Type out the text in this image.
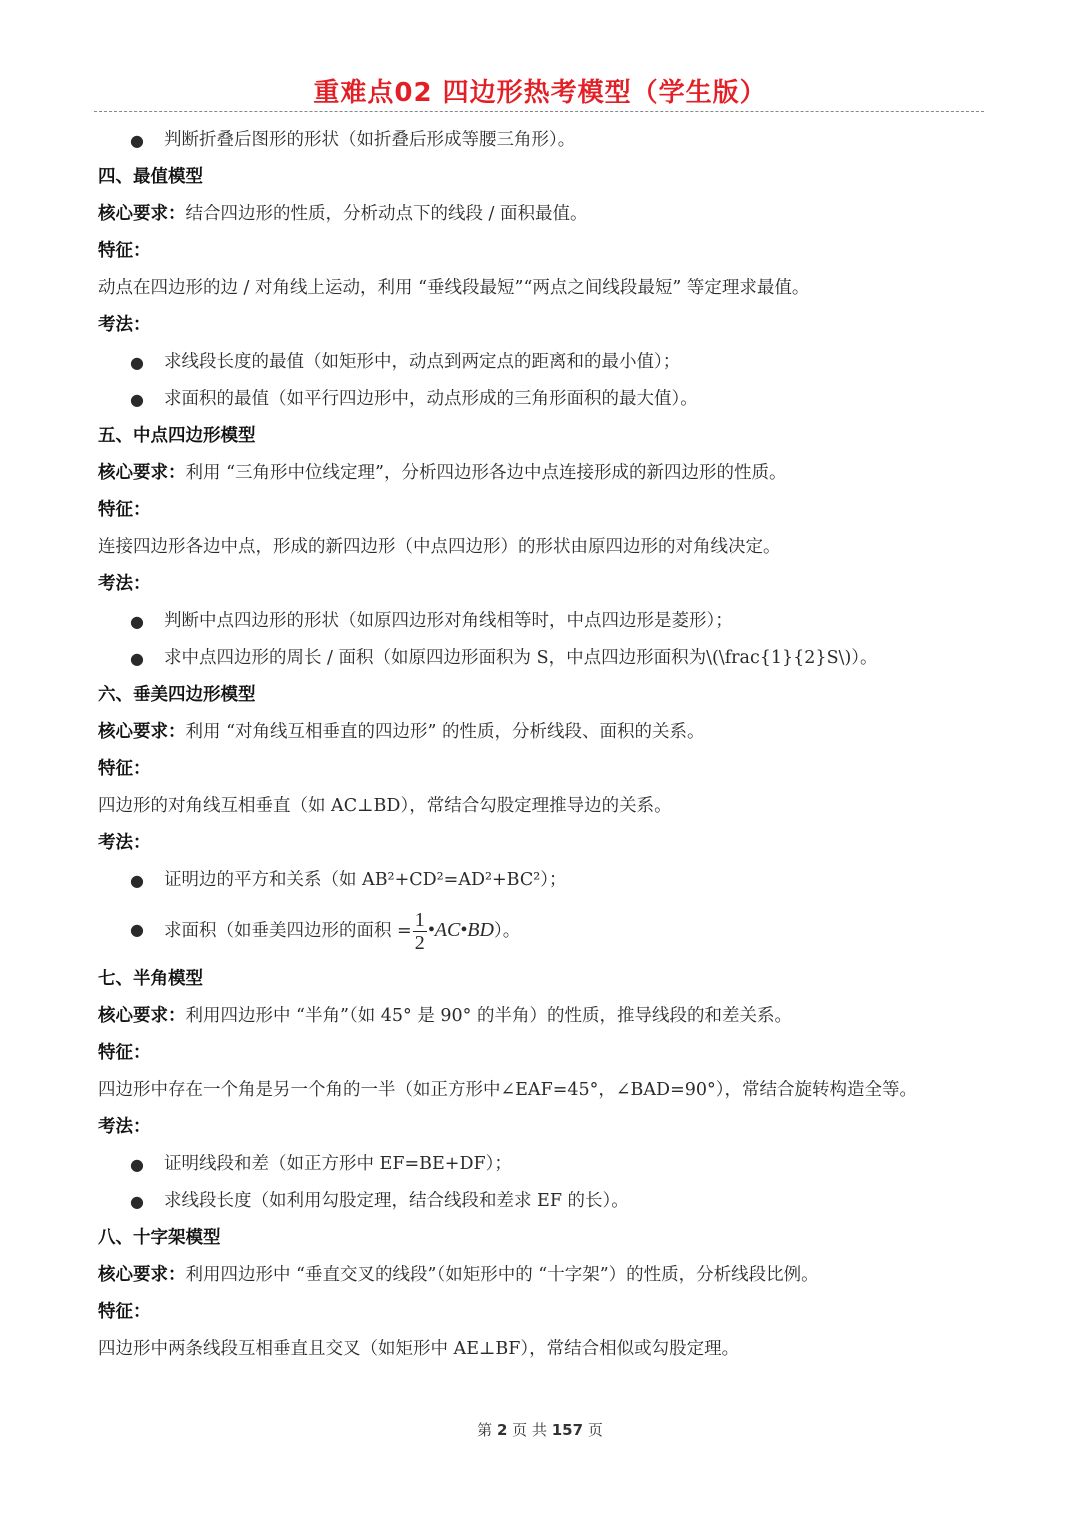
重难点02 四边形热考模型（学生版）
● 判断折叠后图形的形状（如折叠后形成等腰三角形）。
四、最值模型
核心要求：结合四边形的性质，分析动点下的线段 / 面积最值。
特征：
动点在四边形的边 / 对角线上运动，利用 “垂线段最短”“两点之间线段最短” 等定理求最值。
考法：
● 求线段长度的最值（如矩形中，动点到两定点的距离和的最小值）；
● 求面积的最值（如平行四边形中，动点形成的三角形面积的最大值）。
五、中点四边形模型
核心要求：利用 “三角形中位线定理”，分析四边形各边中点连接形成的新四边形的性质。
特征：
连接四边形各边中点，形成的新四边形（中点四边形）的形状由原四边形的对角线决定。
考法：
● 判断中点四边形的形状（如原四边形对角线相等时，中点四边形是菱形）；
● 求中点四边形的周长 / 面积（如原四边形面积为 S，中点四边形面积为\(\frac{1}{2}S\)）。
六、垂美四边形模型
核心要求：利用 “对角线互相垂直的四边形” 的性质，分析线段、面积的关系。
特征：
四边形的对角线互相垂直（如 AC⊥BD），常结合勾股定理推导边的关系。
考法：
● 证明边的平方和关系（如 AB²+CD²=AD²+BC²）；
● 求面积（如垂美四边形的面积 = $\frac{1}{2}$ •AC•BD）。
七、半角模型
核心要求：利用四边形中 “半角”（如 45° 是 90° 的半角）的性质，推导线段的和差关系。
特征：
四边形中存在一个角是另一个角的一半（如正方形中∠EAF=45°，∠BAD=90°），常结合旋转构造全等。
考法：
● 证明线段和差（如正方形中 EF=BE+DF）；
● 求线段长度（如利用勾股定理，结合线段和差求 EF 的长）。
八、十字架模型
核心要求：利用四边形中 “垂直交叉的线段”（如矩形中的 “十字架”）的性质，分析线段比例。
特征：
四边形中两条线段互相垂直且交叉（如矩形中 AE⊥BF），常结合相似或勾股定理。
第 2 页 共 157 页
